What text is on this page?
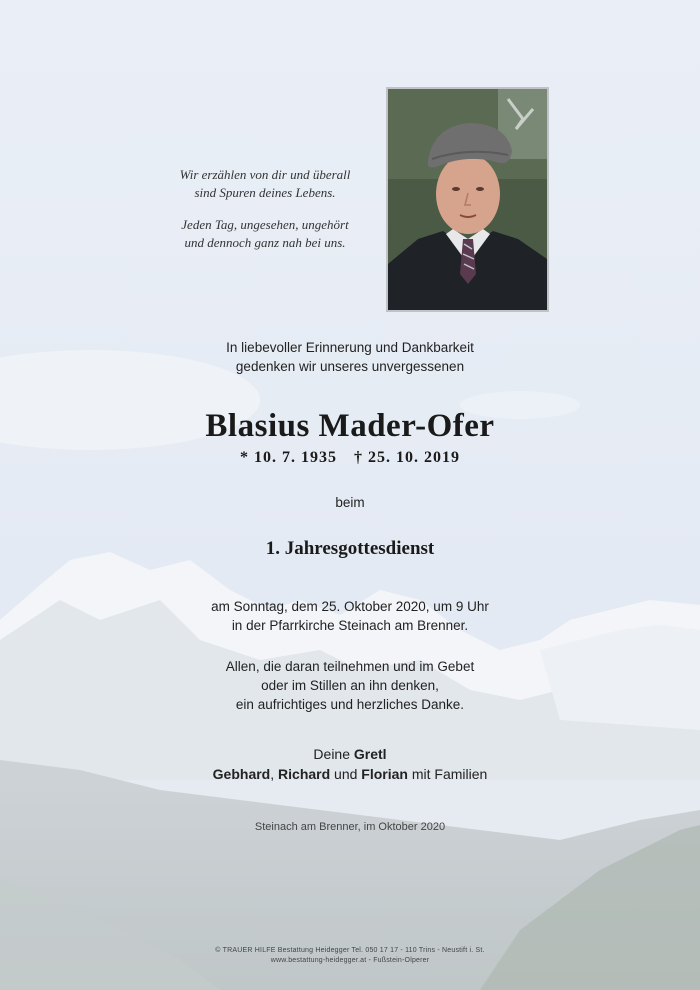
Wir erzählen von dir und überall
sind Spuren deines Lebens.

Jeden Tag, ungesehen, ungehört
und dennoch ganz nah bei uns.

In liebevoller Erinnerung und Dankbarkeit
gedenken wir unseres unvergessenen
Blasius Mader-Ofer
* 10. 7. 1935 † 25. 10. 2019
beim
1. Jahresgottesdienst
am Sonntag, dem 25. Oktober 2020, um 9 Uhr
in der Pfarrkirche Steinach am Brenner.
Allen, die daran teilnehmen und im Gebet
oder im Stillen an ihn denken,
ein aufrichtiges und herzliches Danke.
Deine Gretl
Gebhard, Richard und Florian mit Familien
Steinach am Brenner, im Oktober 2020
© TRAUER HILFE Bestattung Heidegger Tel. 050 17 17 - 110 Trins - Neustift i. St.
www.bestattung-heidegger.at - Fußstein-Olperer
